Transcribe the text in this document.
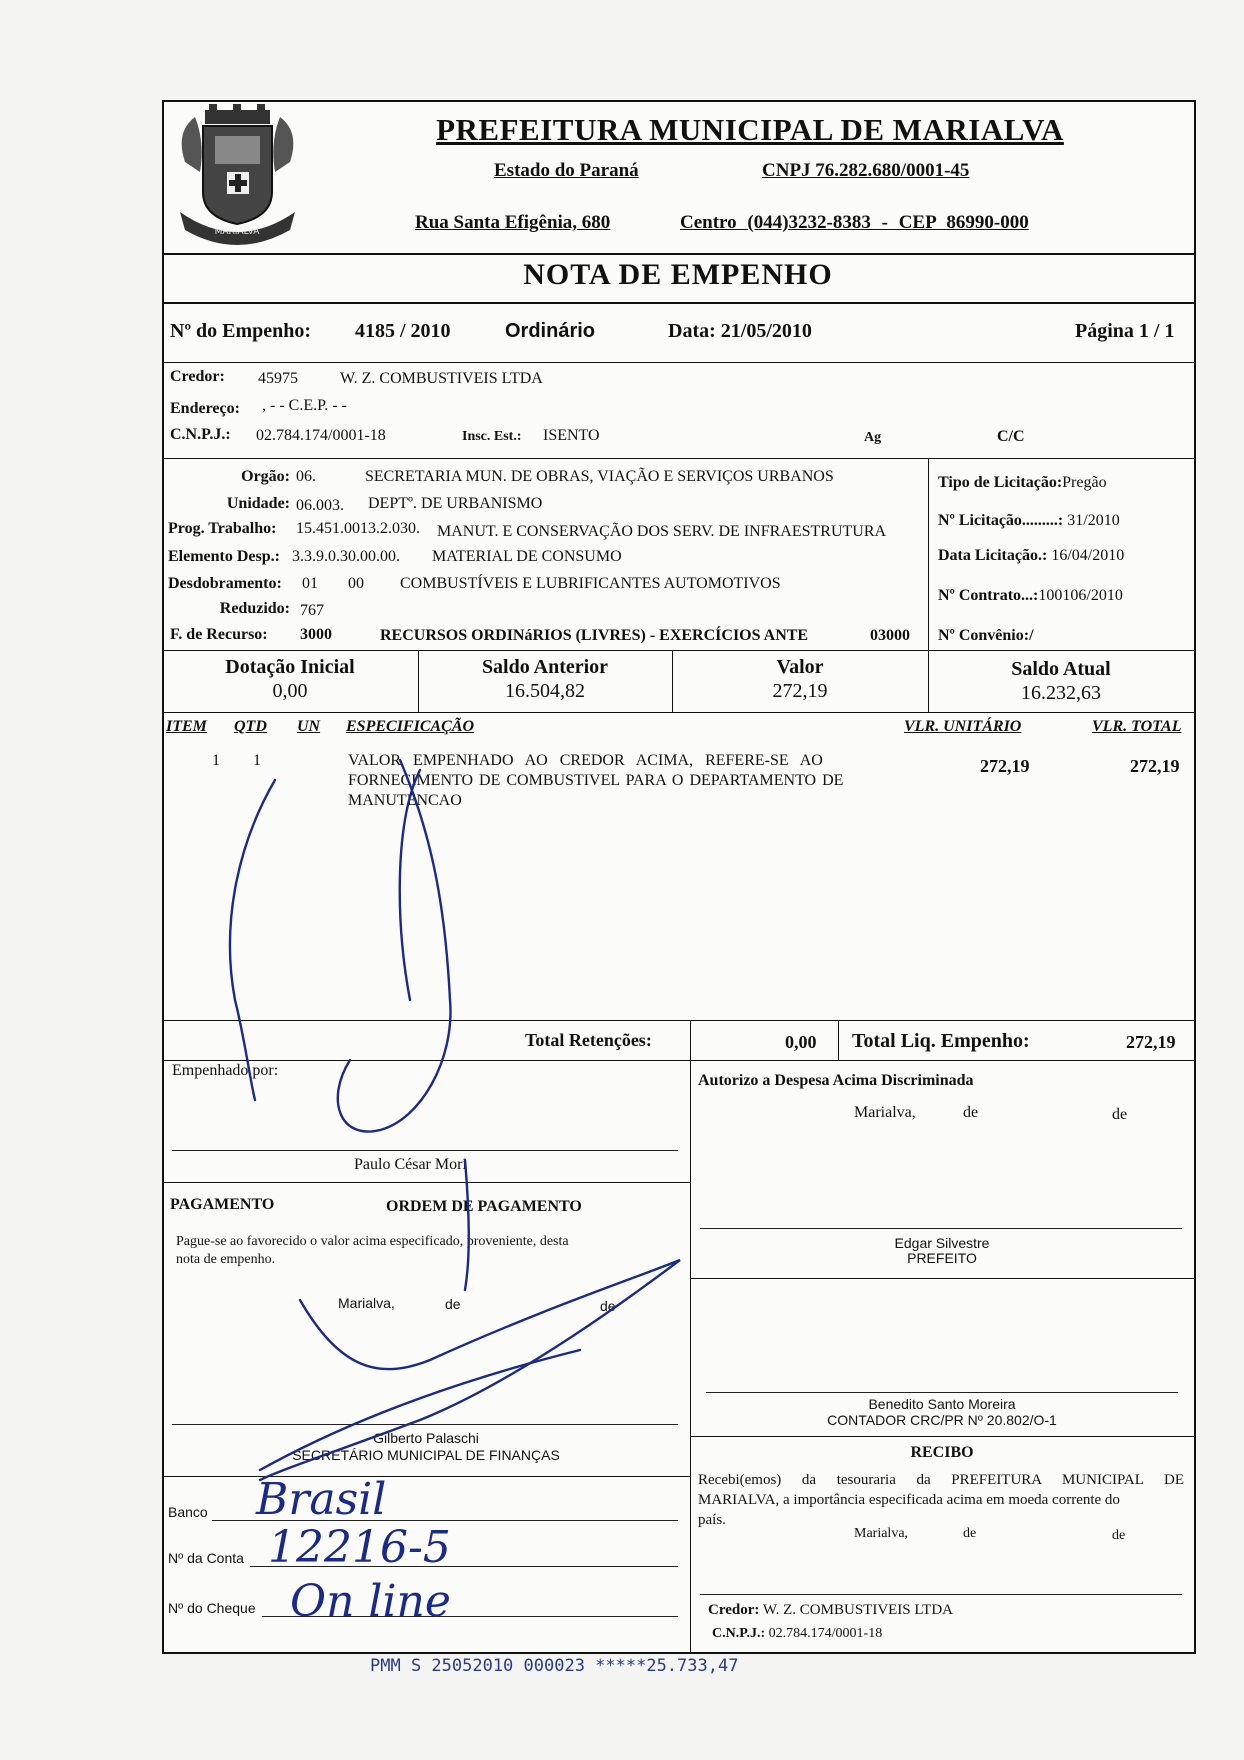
MARIALVA
PREFEITURA MUNICIPAL DE MARIALVA
Estado do Paraná	CNPJ 76.282.680/0001-45
Rua Santa Efigênia, 680	Centro (044)3232-8383 - CEP 86990-000
NOTA DE EMPENHO
Nº do Empenho: 4185 / 2010	Ordinário	Data: 21/05/2010	Página 1 / 1
Credor: 45975	W. Z. COMBUSTIVEIS LTDA
Endereço: , - - C.E.P. - -
C.N.P.J.: 02.784.174/0001-18	Insc. Est.: ISENTO	Ag	C/C
Orgão: 06.	SECRETARIA MUN. DE OBRAS, VIAÇÃO E SERVIÇOS URBANOS
Unidade: 06.003. DEPTº. DE URBANISMO
Prog. Trabalho: 15.451.0013.2.030. MANUT. E CONSERVAÇÃO DOS SERV. DE INFRAESTRUTURA
Elemento Desp.: 3.3.9.0.30.00.00. MATERIAL DE CONSUMO
Desdobramento: 01 00 COMBUSTÍVEIS E LUBRIFICANTES AUTOMOTIVOS
Reduzido: 767
F. de Recurso: 3000	RECURSOS ORDINáRIOS (LIVRES) - EXERCÍCIOS ANTE	03000
Tipo de Licitação:Pregão
Nº Licitação.........: 31/2010
Data Licitação.: 16/04/2010
Nº Contrato...:100106/2010
Nº Convênio:/
Dotação Inicial
0,00
Saldo Anterior
16.504,82
Valor
272,19
Saldo Atual
16.232,63
ITEM QTD UN ESPECIFICAÇÃO	VLR. UNITÁRIO	VLR. TOTAL
1 1	VALOR EMPENHADO AO CREDOR ACIMA, REFERE-SE AO
FORNECIMENTO DE COMBUSTIVEL PARA O DEPARTAMENTO DE
MANUTENCAO
272,19	272,19
Total Retenções:	0,00 Total Liq. Empenho:	272,19
Empenhado por:
Paulo César Mori
Autorizo a Despesa Acima Discriminada
Marialva,	de	de
Edgar Silvestre
PREFEITO
Benedito Santo Moreira
CONTADOR CRC/PR Nº 20.802/O-1
PAGAMENTO	ORDEM DE PAGAMENTO
Pague-se ao favorecido o valor acima especificado, proveniente, desta
nota de empenho.
Marialva,	de	de
Gilberto Palaschi
SECRETÁRIO MUNICIPAL DE FINANÇAS
Banco Brasil
Nº da Conta 12216-5
Nº do Cheque On line
RECIBO
Recebi(emos) da tesouraria da PREFEITURA MUNICIPAL DE
MARIALVA, a importância especificada acima em moeda corrente do
país.
Marialva,	de	de
Credor: W. Z. COMBUSTIVEIS LTDA
C.N.P.J.: 02.784.174/0001-18
PMM S 25052010 000023 *****25.733,47
